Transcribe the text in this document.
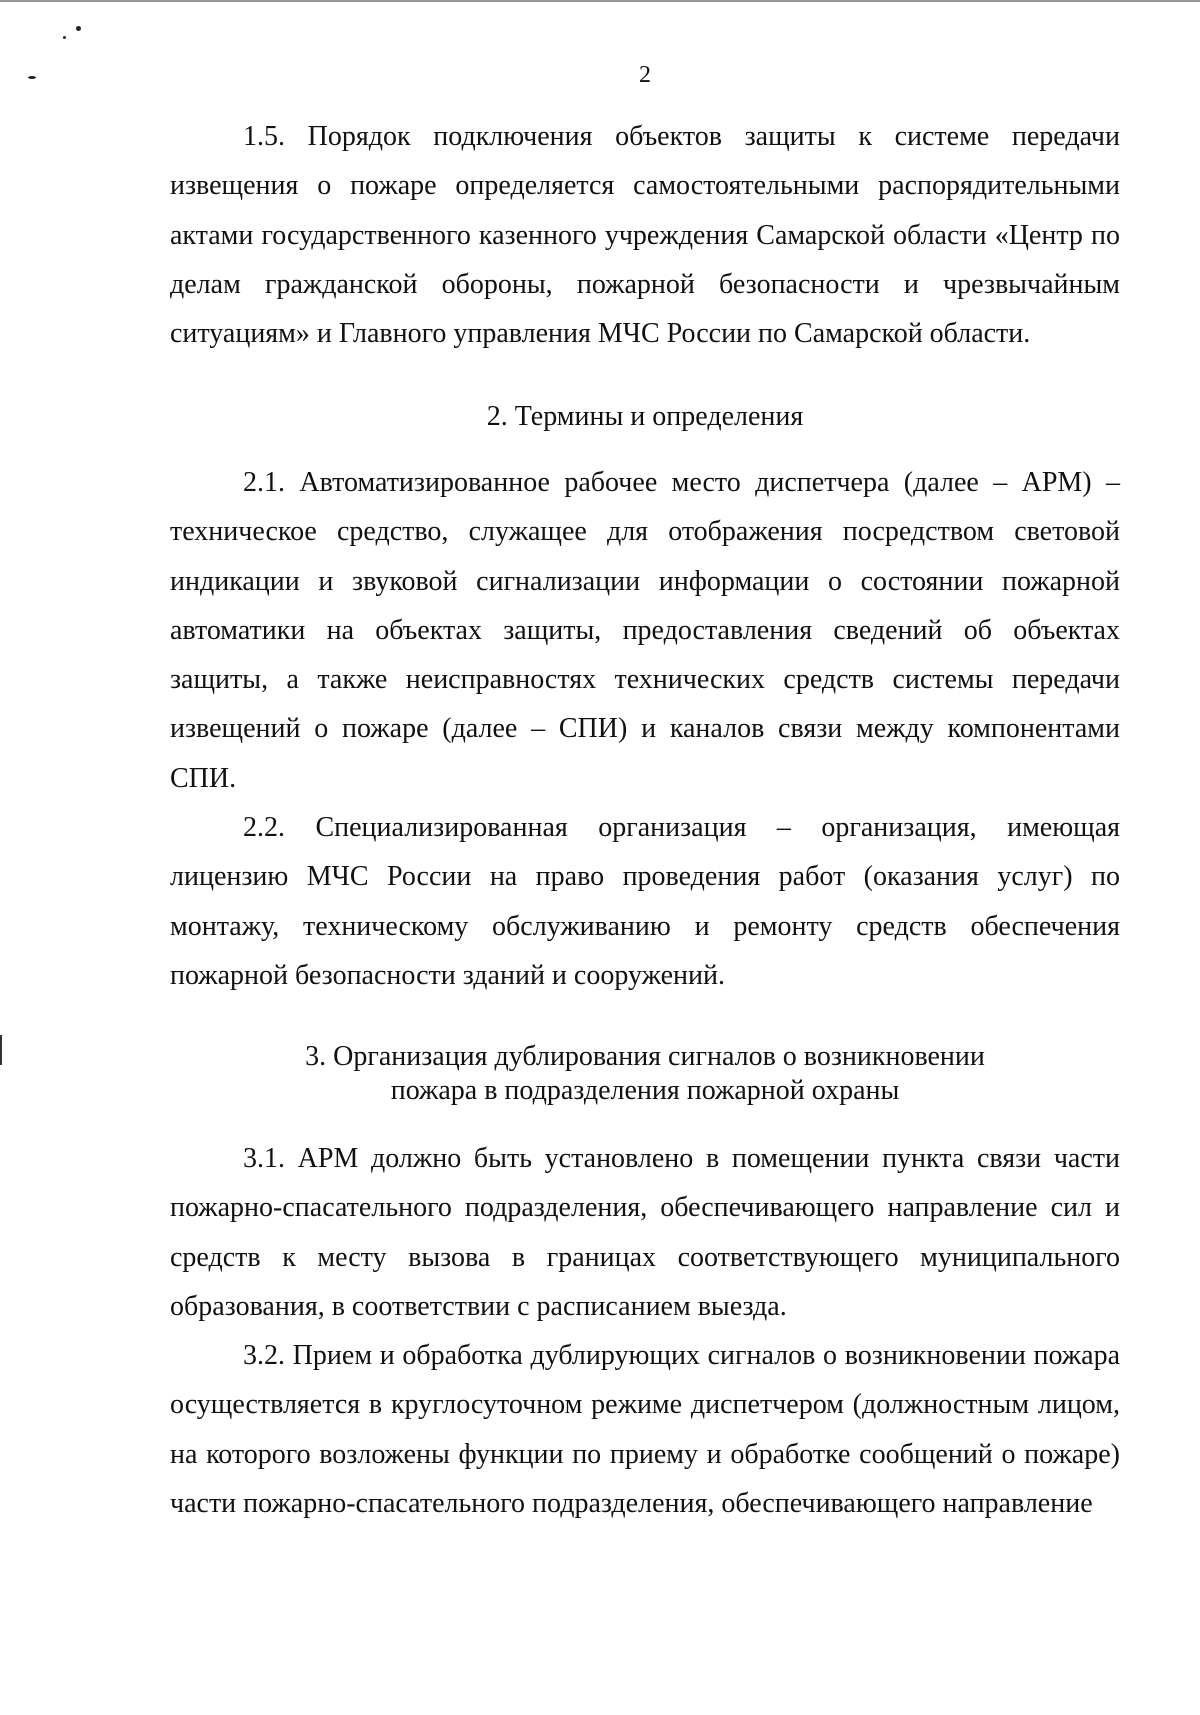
2

1.5. Порядок подключения объектов защиты к системе передачи извещения о пожаре определяется самостоятельными распорядительными актами государственного казенного учреждения Самарской области «Центр по делам гражданской обороны, пожарной безопасности и чрезвычайным ситуациям» и Главного управления МЧС России по Самарской области.

2. Термины и определения

2.1. Автоматизированное рабочее место диспетчера (далее – АРМ) – техническое средство, служащее для отображения посредством световой индикации и звуковой сигнализации информации о состоянии пожарной автоматики на объектах защиты, предоставления сведений об объектах защиты, а также неисправностях технических средств системы передачи извещений о пожаре (далее – СПИ) и каналов связи между компонентами СПИ.

2.2. Специализированная организация – организация, имеющая лицензию МЧС России на право проведения работ (оказания услуг) по монтажу, техническому обслуживанию и ремонту средств обеспечения пожарной безопасности зданий и сооружений.

3. Организация дублирования сигналов о возникновении
пожара в подразделения пожарной охраны

3.1. АРМ должно быть установлено в помещении пункта связи части пожарно-спасательного подразделения, обеспечивающего направление сил и средств к месту вызова в границах соответствующего муниципального образования, в соответствии с расписанием выезда.

3.2. Прием и обработка дублирующих сигналов о возникновении пожара осуществляется в круглосуточном режиме диспетчером (должностным лицом, на которого возложены функции по приему и обработке сообщений о пожаре) части пожарно-спасательного подразделения, обеспечивающего направление
